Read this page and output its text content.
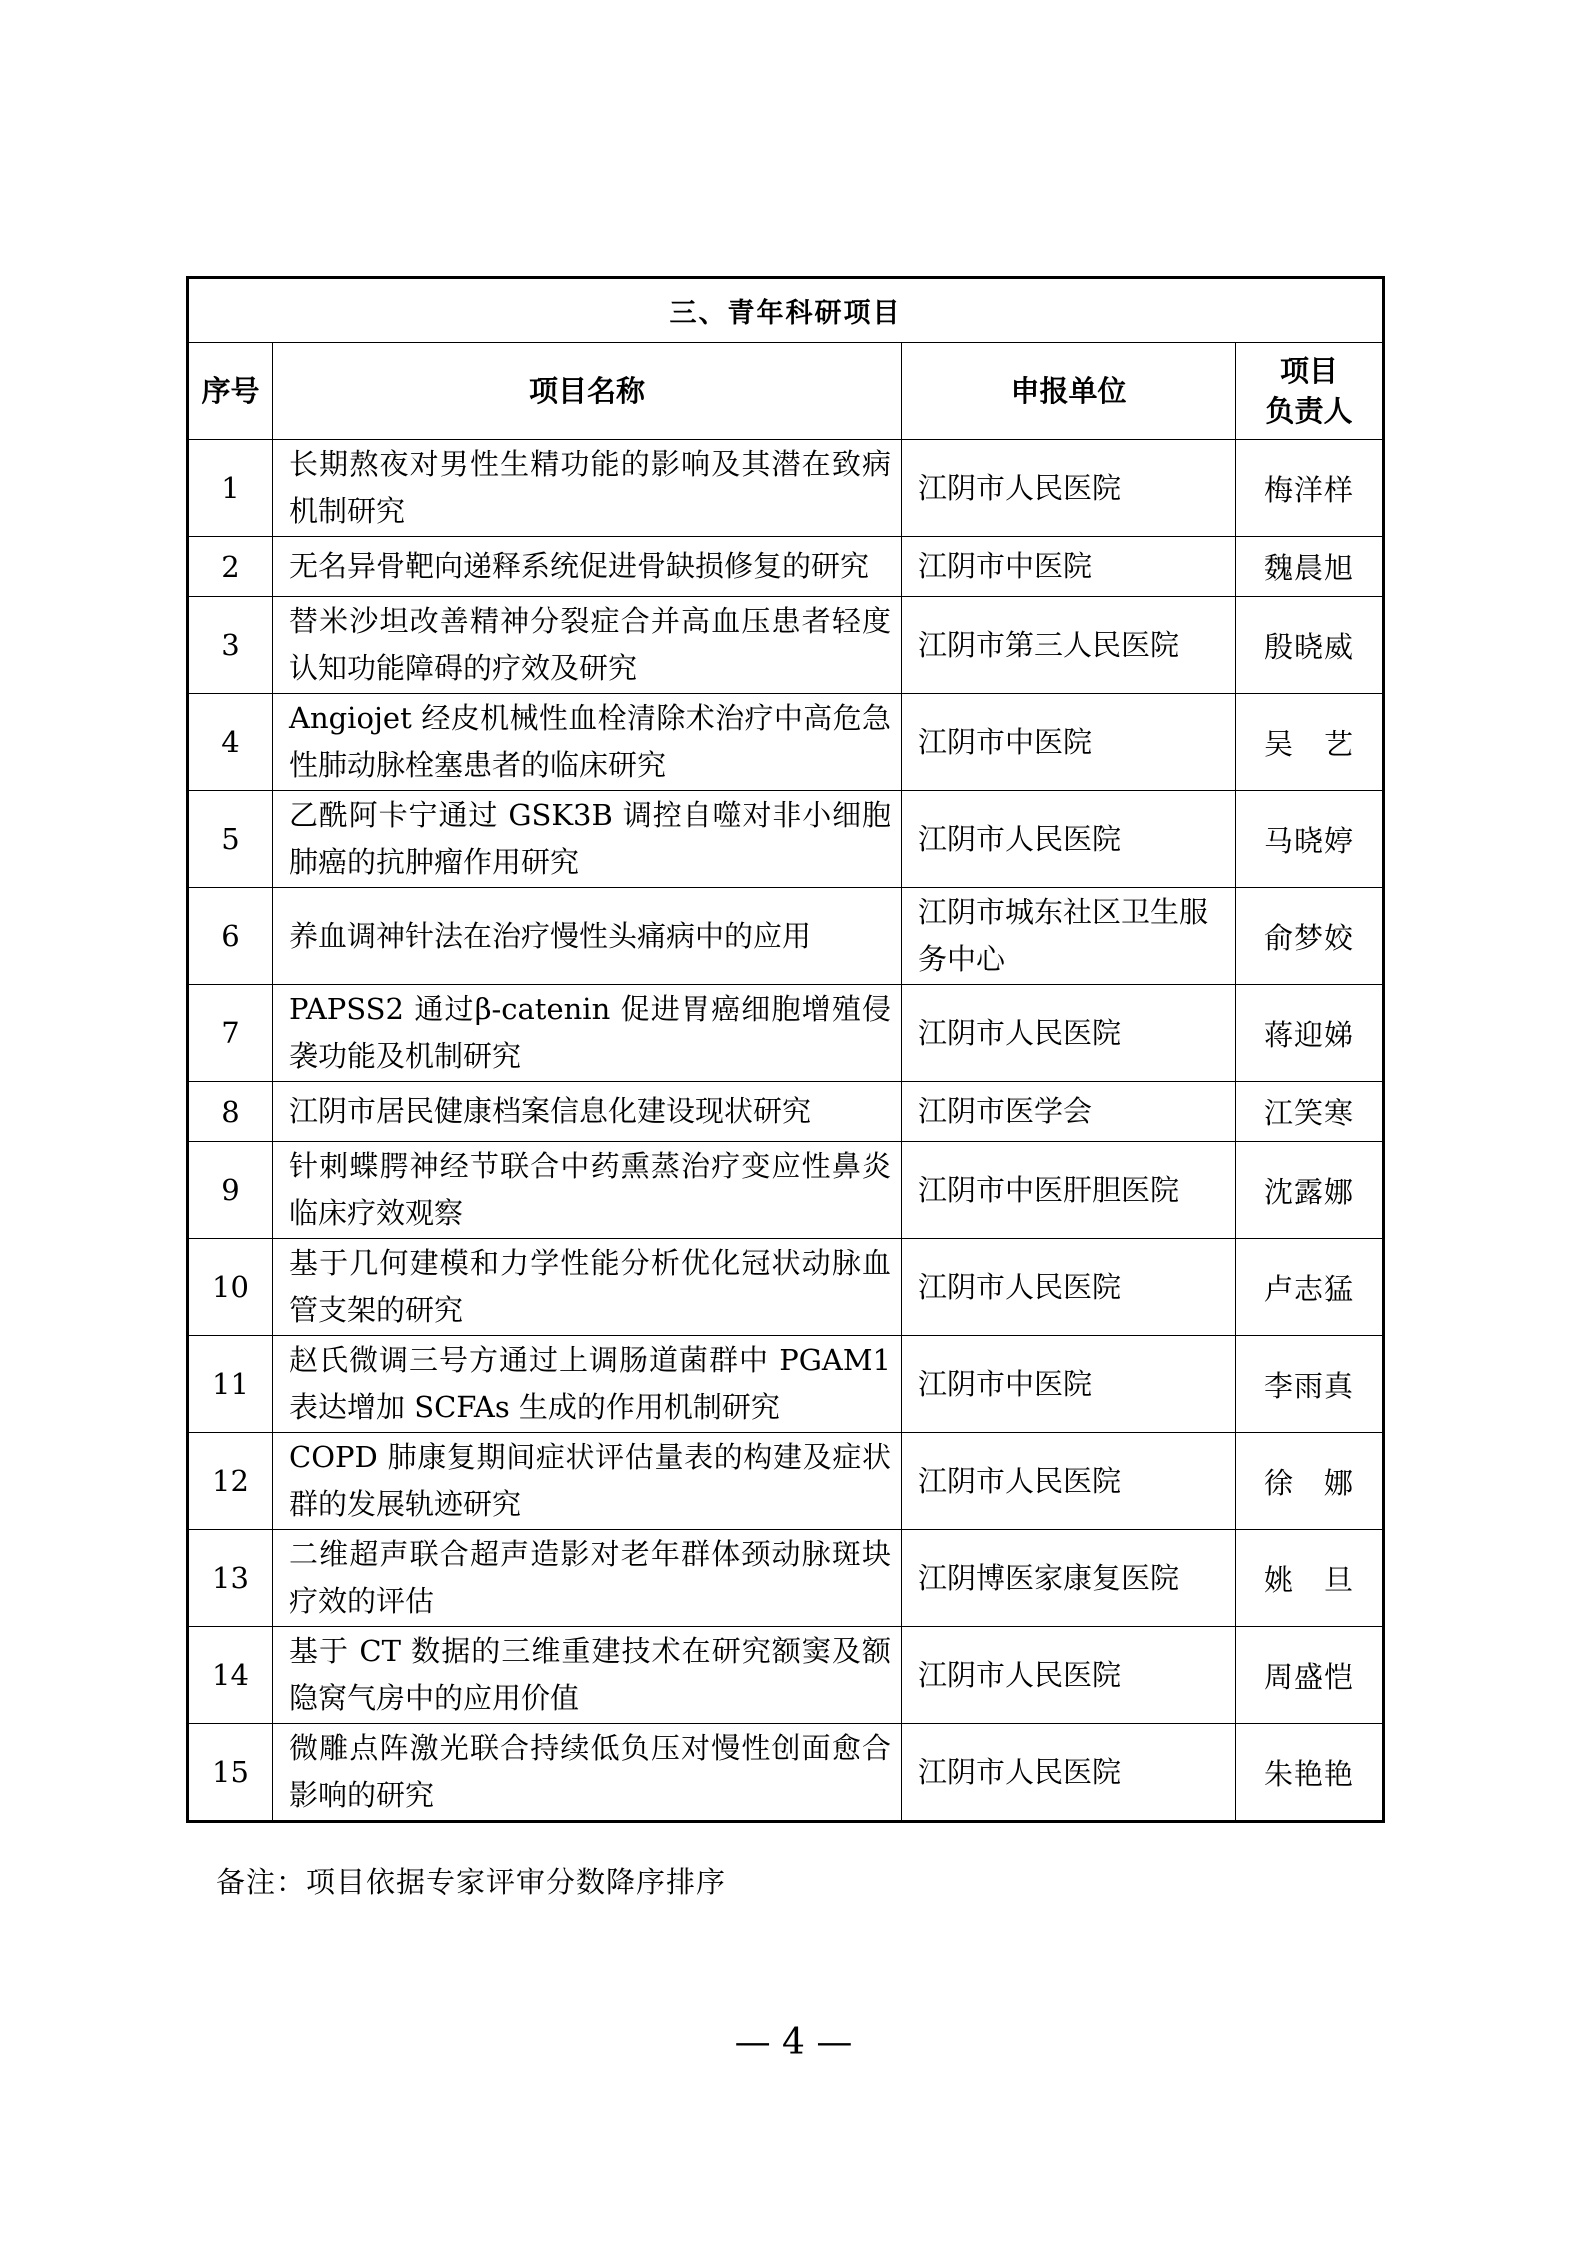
三、青年科研项目			
序号	项目名称	申报单位	项目
负责人

1	长期熬夜对男性生精功能的影响及其潜在致病机制研究	江阴市人民医院	梅洋样
2	无名异骨靶向递释系统促进骨缺损修复的研究	江阴市中医院	魏晨旭
3	替米沙坦改善精神分裂症合并高血压患者轻度认知功能障碍的疗效及研究	江阴市第三人民医院	殷晓威
4	Angiojet 经皮机械性血栓清除术治疗中高危急性肺动脉栓塞患者的临床研究	江阴市中医院	吴　艺
5	乙酰阿卡宁通过 GSK3B 调控自噬对非小细胞肺癌的抗肿瘤作用研究	江阴市人民医院	马晓婷
6	养血调神针法在治疗慢性头痛病中的应用	江阴市城东社区卫生服务中心	俞梦姣
7	PAPSS2 通过β-catenin 促进胃癌细胞增殖侵袭功能及机制研究	江阴市人民医院	蒋迎娣
8	江阴市居民健康档案信息化建设现状研究	江阴市医学会	江笑寒
9	针刺蝶腭神经节联合中药熏蒸治疗变应性鼻炎临床疗效观察	江阴市中医肝胆医院	沈露娜
10	基于几何建模和力学性能分析优化冠状动脉血管支架的研究	江阴市人民医院	卢志猛
11	赵氏微调三号方通过上调肠道菌群中 PGAM1 表达增加 SCFAs 生成的作用机制研究	江阴市中医院	李雨真
12	COPD 肺康复期间症状评估量表的构建及症状群的发展轨迹研究	江阴市人民医院	徐　娜
13	二维超声联合超声造影对老年群体颈动脉斑块疗效的评估	江阴博医家康复医院	姚　旦
14	基于 CT 数据的三维重建技术在研究额窦及额隐窝气房中的应用价值	江阴市人民医院	周盛恺
15	微雕点阵激光联合持续低负压对慢性创面愈合影响的研究	江阴市人民医院	朱艳艳
备注：项目依据专家评审分数降序排序
— 4 —
